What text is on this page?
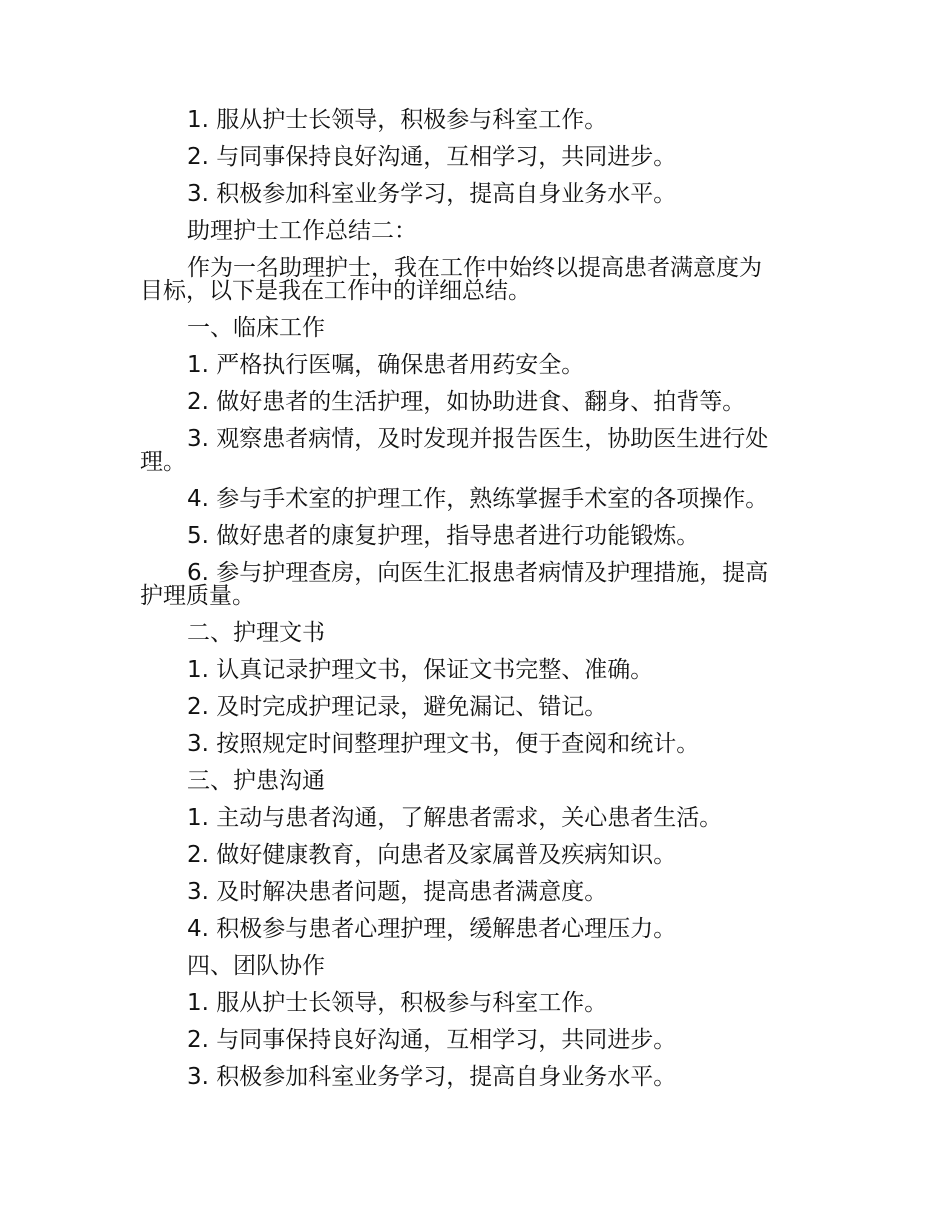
1. 服从护士长领导，积极参与科室工作。
2. 与同事保持良好沟通，互相学习，共同进步。
3. 积极参加科室业务学习，提高自身业务水平。
助理护士工作总结二：
作为一名助理护士，我在工作中始终以提高患者满意度为
目标，以下是我在工作中的详细总结。
一、临床工作
1. 严格执行医嘱，确保患者用药安全。
2. 做好患者的生活护理，如协助进食、翻身、拍背等。
3. 观察患者病情，及时发现并报告医生，协助医生进行处
理。
4. 参与手术室的护理工作，熟练掌握手术室的各项操作。
5. 做好患者的康复护理，指导患者进行功能锻炼。
6. 参与护理查房，向医生汇报患者病情及护理措施，提高
护理质量。
二、护理文书
1. 认真记录护理文书，保证文书完整、准确。
2. 及时完成护理记录，避免漏记、错记。
3. 按照规定时间整理护理文书，便于查阅和统计。
三、护患沟通
1. 主动与患者沟通，了解患者需求，关心患者生活。
2. 做好健康教育，向患者及家属普及疾病知识。
3. 及时解决患者问题，提高患者满意度。
4. 积极参与患者心理护理，缓解患者心理压力。
四、团队协作
1. 服从护士长领导，积极参与科室工作。
2. 与同事保持良好沟通，互相学习，共同进步。
3. 积极参加科室业务学习，提高自身业务水平。
